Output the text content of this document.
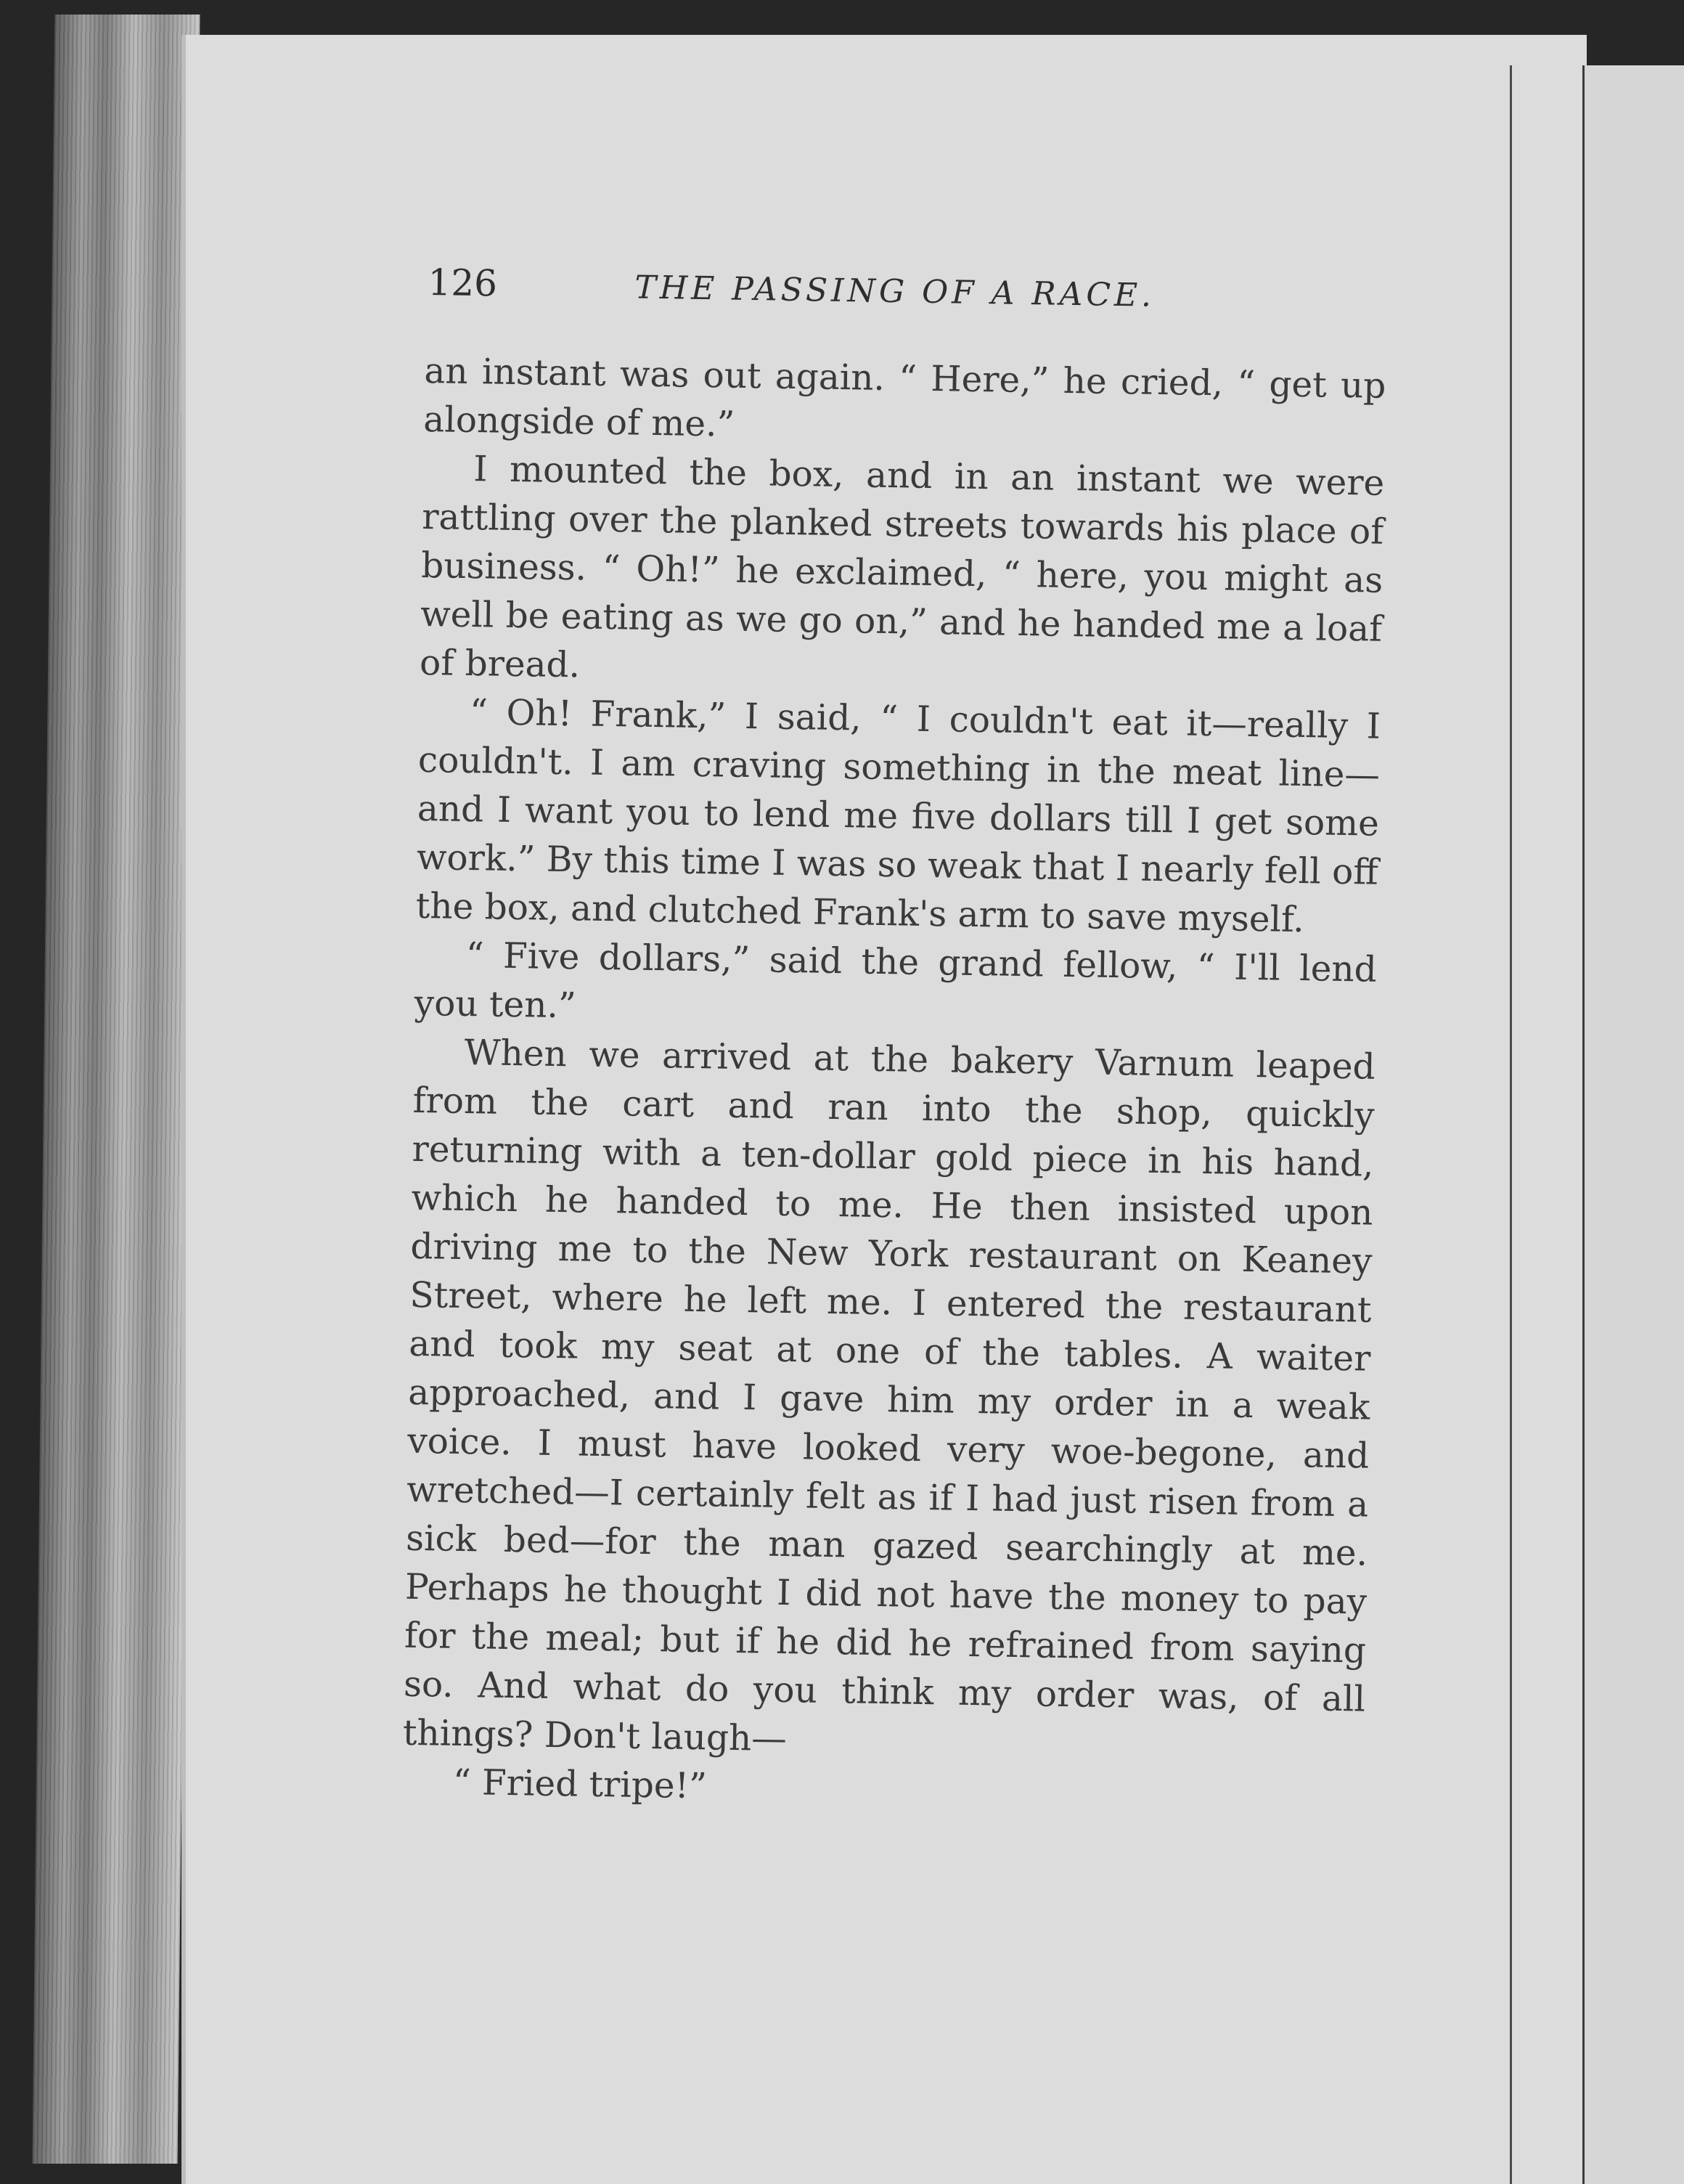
126	THE PASSING OF A RACE.

an instant was out again. “ Here,” he cried, “ get up alongside of me.”

I mounted the box, and in an instant we were rattling over the planked streets towards his place of business. “ Oh!” he exclaimed, “ here, you might as well be eating as we go on,” and he handed me a loaf of bread.

“ Oh! Frank,” I said, “ I couldn't eat it—really I couldn't. I am craving something in the meat line—and I want you to lend me five dollars till I get some work.” By this time I was so weak that I nearly fell off the box, and clutched Frank's arm to save myself.

“ Five dollars,” said the grand fellow, “ I'll lend you ten.”

When we arrived at the bakery Varnum leaped from the cart and ran into the shop, quickly returning with a ten-dollar gold piece in his hand, which he handed to me. He then insisted upon driving me to the New York restaurant on Keaney Street, where he left me. I entered the restaurant and took my seat at one of the tables. A waiter approached, and I gave him my order in a weak voice. I must have looked very woe-begone, and wretched—I certainly felt as if I had just risen from a sick bed—for the man gazed searchingly at me. Perhaps he thought I did not have the money to pay for the meal; but if he did he refrained from saying so. And what do you think my order was, of all things? Don't laugh—

“ Fried tripe!”
